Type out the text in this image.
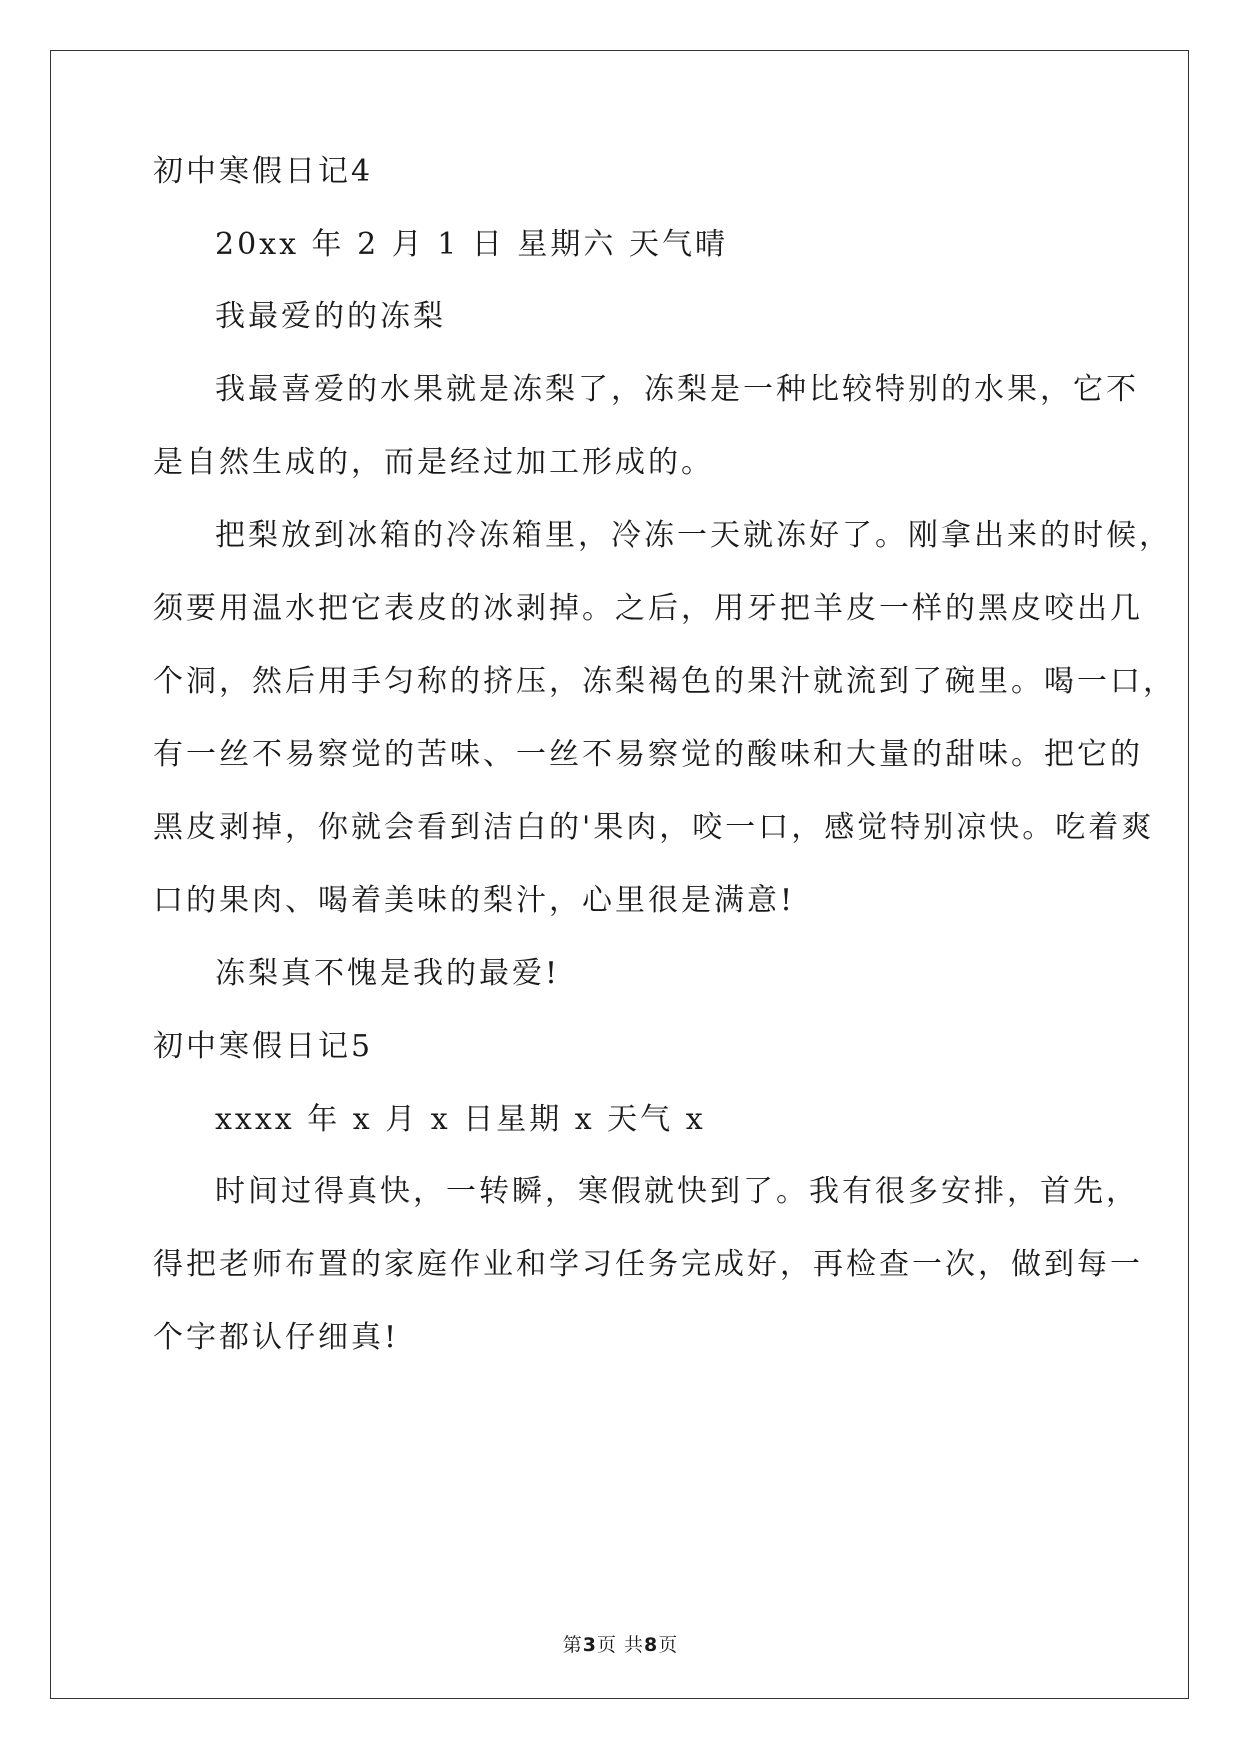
初中寒假日记4
20xx 年 2 月 1 日 星期六 天气晴
我最爱的的冻梨
我最喜爱的水果就是冻梨了，冻梨是一种比较特别的水果，它不
是自然生成的，而是经过加工形成的。
把梨放到冰箱的冷冻箱里，冷冻一天就冻好了。刚拿出来的时候，
须要用温水把它表皮的冰剥掉。之后，用牙把羊皮一样的黑皮咬出几
个洞，然后用手匀称的挤压，冻梨褐色的果汁就流到了碗里。喝一口，
有一丝不易察觉的苦味、一丝不易察觉的酸味和大量的甜味。把它的
黑皮剥掉，你就会看到洁白的'果肉，咬一口，感觉特别凉快。吃着爽
口的果肉、喝着美味的梨汁，心里很是满意!
冻梨真不愧是我的最爱!
初中寒假日记5
xxxx 年 x 月 x 日星期 x 天气 x
时间过得真快，一转瞬，寒假就快到了。我有很多安排，首先，
得把老师布置的家庭作业和学习任务完成好，再检查一次，做到每一
个字都认仔细真!
第3页 共8页
